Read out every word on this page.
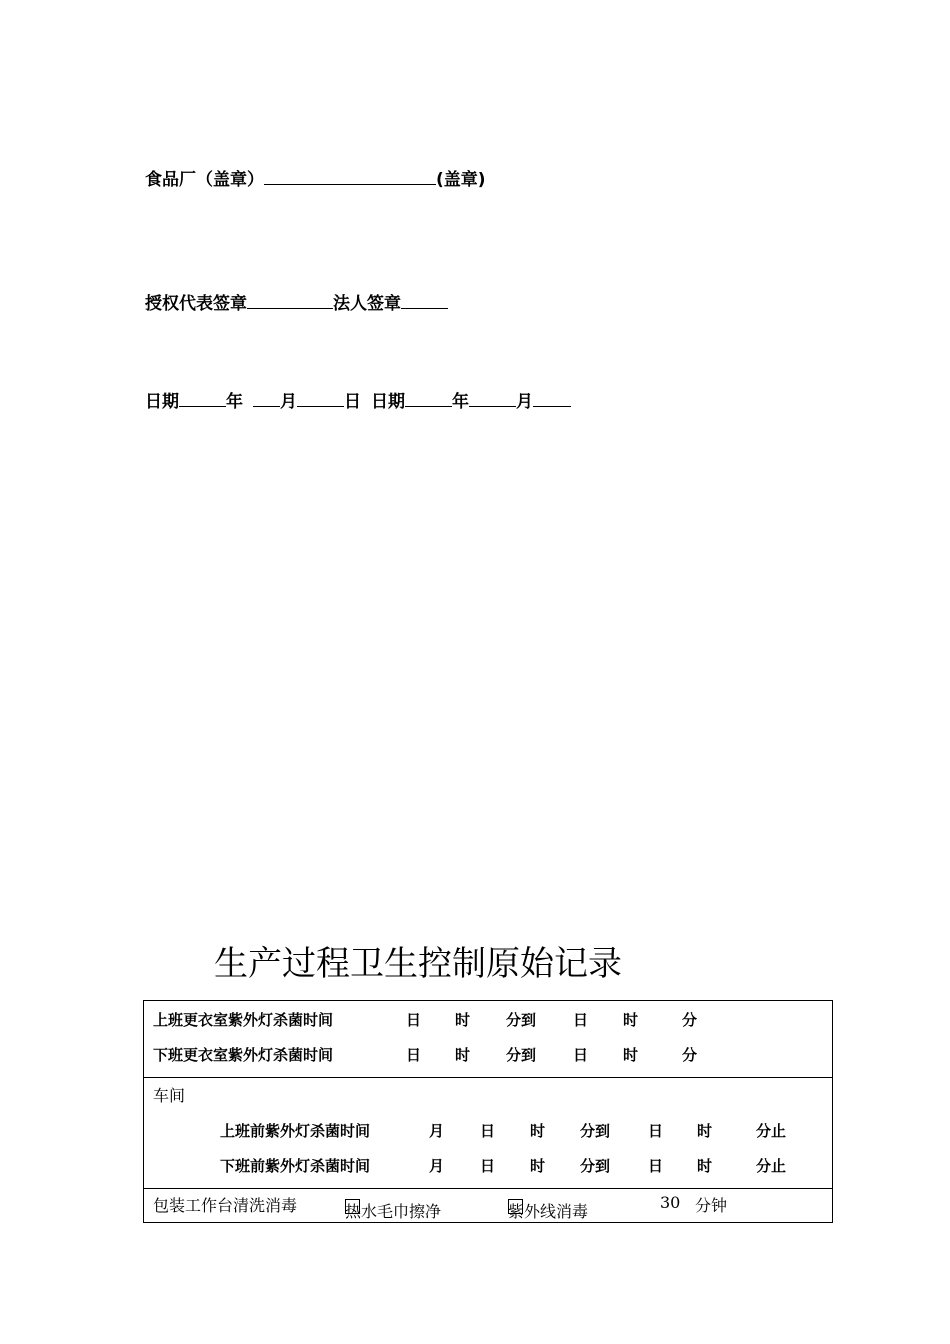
食品厂（盖章）	(盖章)
授权代表签章	法人签章
日期	年 月	日 日期	年	月
生产过程卫生控制原始记录
上班更衣室紫外灯杀菌时间	日 时 分到 日 时	分
下班更衣室紫外灯杀菌时间	日 时 分到 日 时	分
车间
上班前紫外灯杀菌时间	月 日 时 分到	日 时	分止
下班前紫外灯杀菌时间	月 日 时 分到	日 时	分止
包装工作台清洗消毒	热水毛巾擦净	紫外线消毒	30 分钟
